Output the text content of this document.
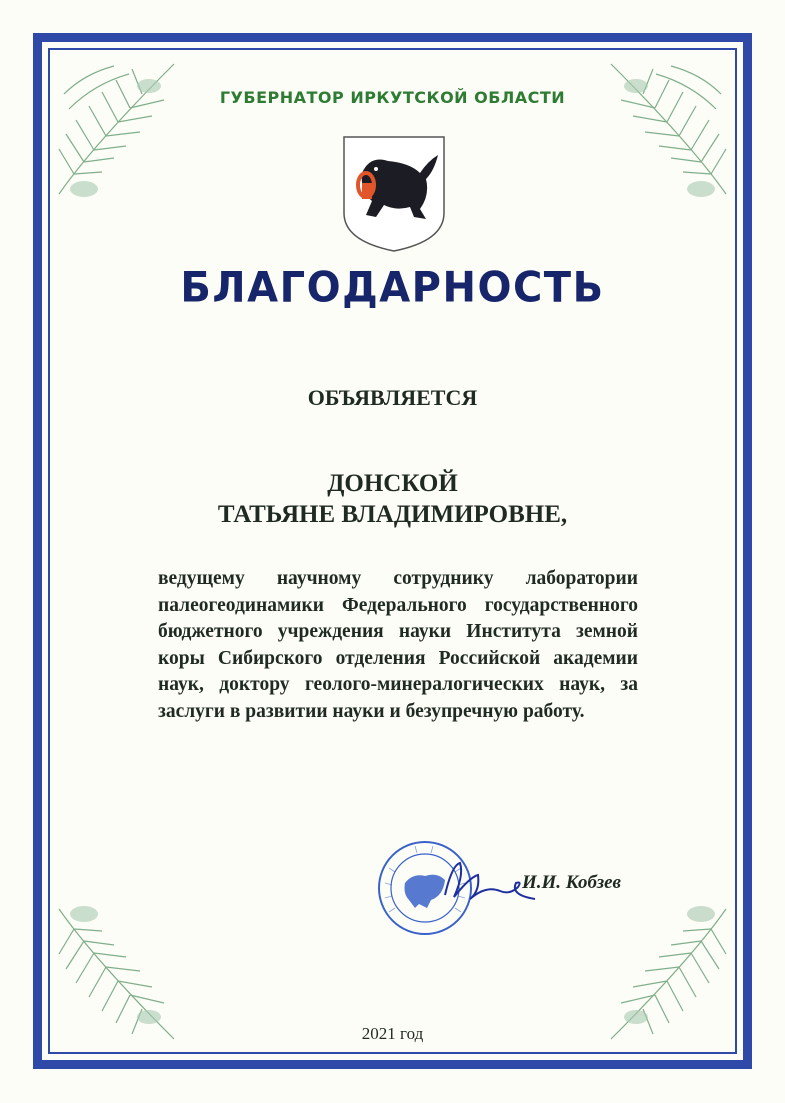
ГУБЕРНАТОР ИРКУТСКОЙ ОБЛАСТИ
БЛАГОДАРНОСТЬ
ОБЪЯВЛЯЕТСЯ
ДОНСКОЙ
ТАТЬЯНЕ ВЛАДИМИРОВНЕ,
ведущему научному сотруднику лаборатории палеогеодинамики Федерального государственного бюджетного учреждения науки Института земной коры Сибирского отделения Российской академии наук, доктору геолого-минералогических наук, за заслуги в развитии науки и безупречную работу.
И.И. Кобзев
2021 год
